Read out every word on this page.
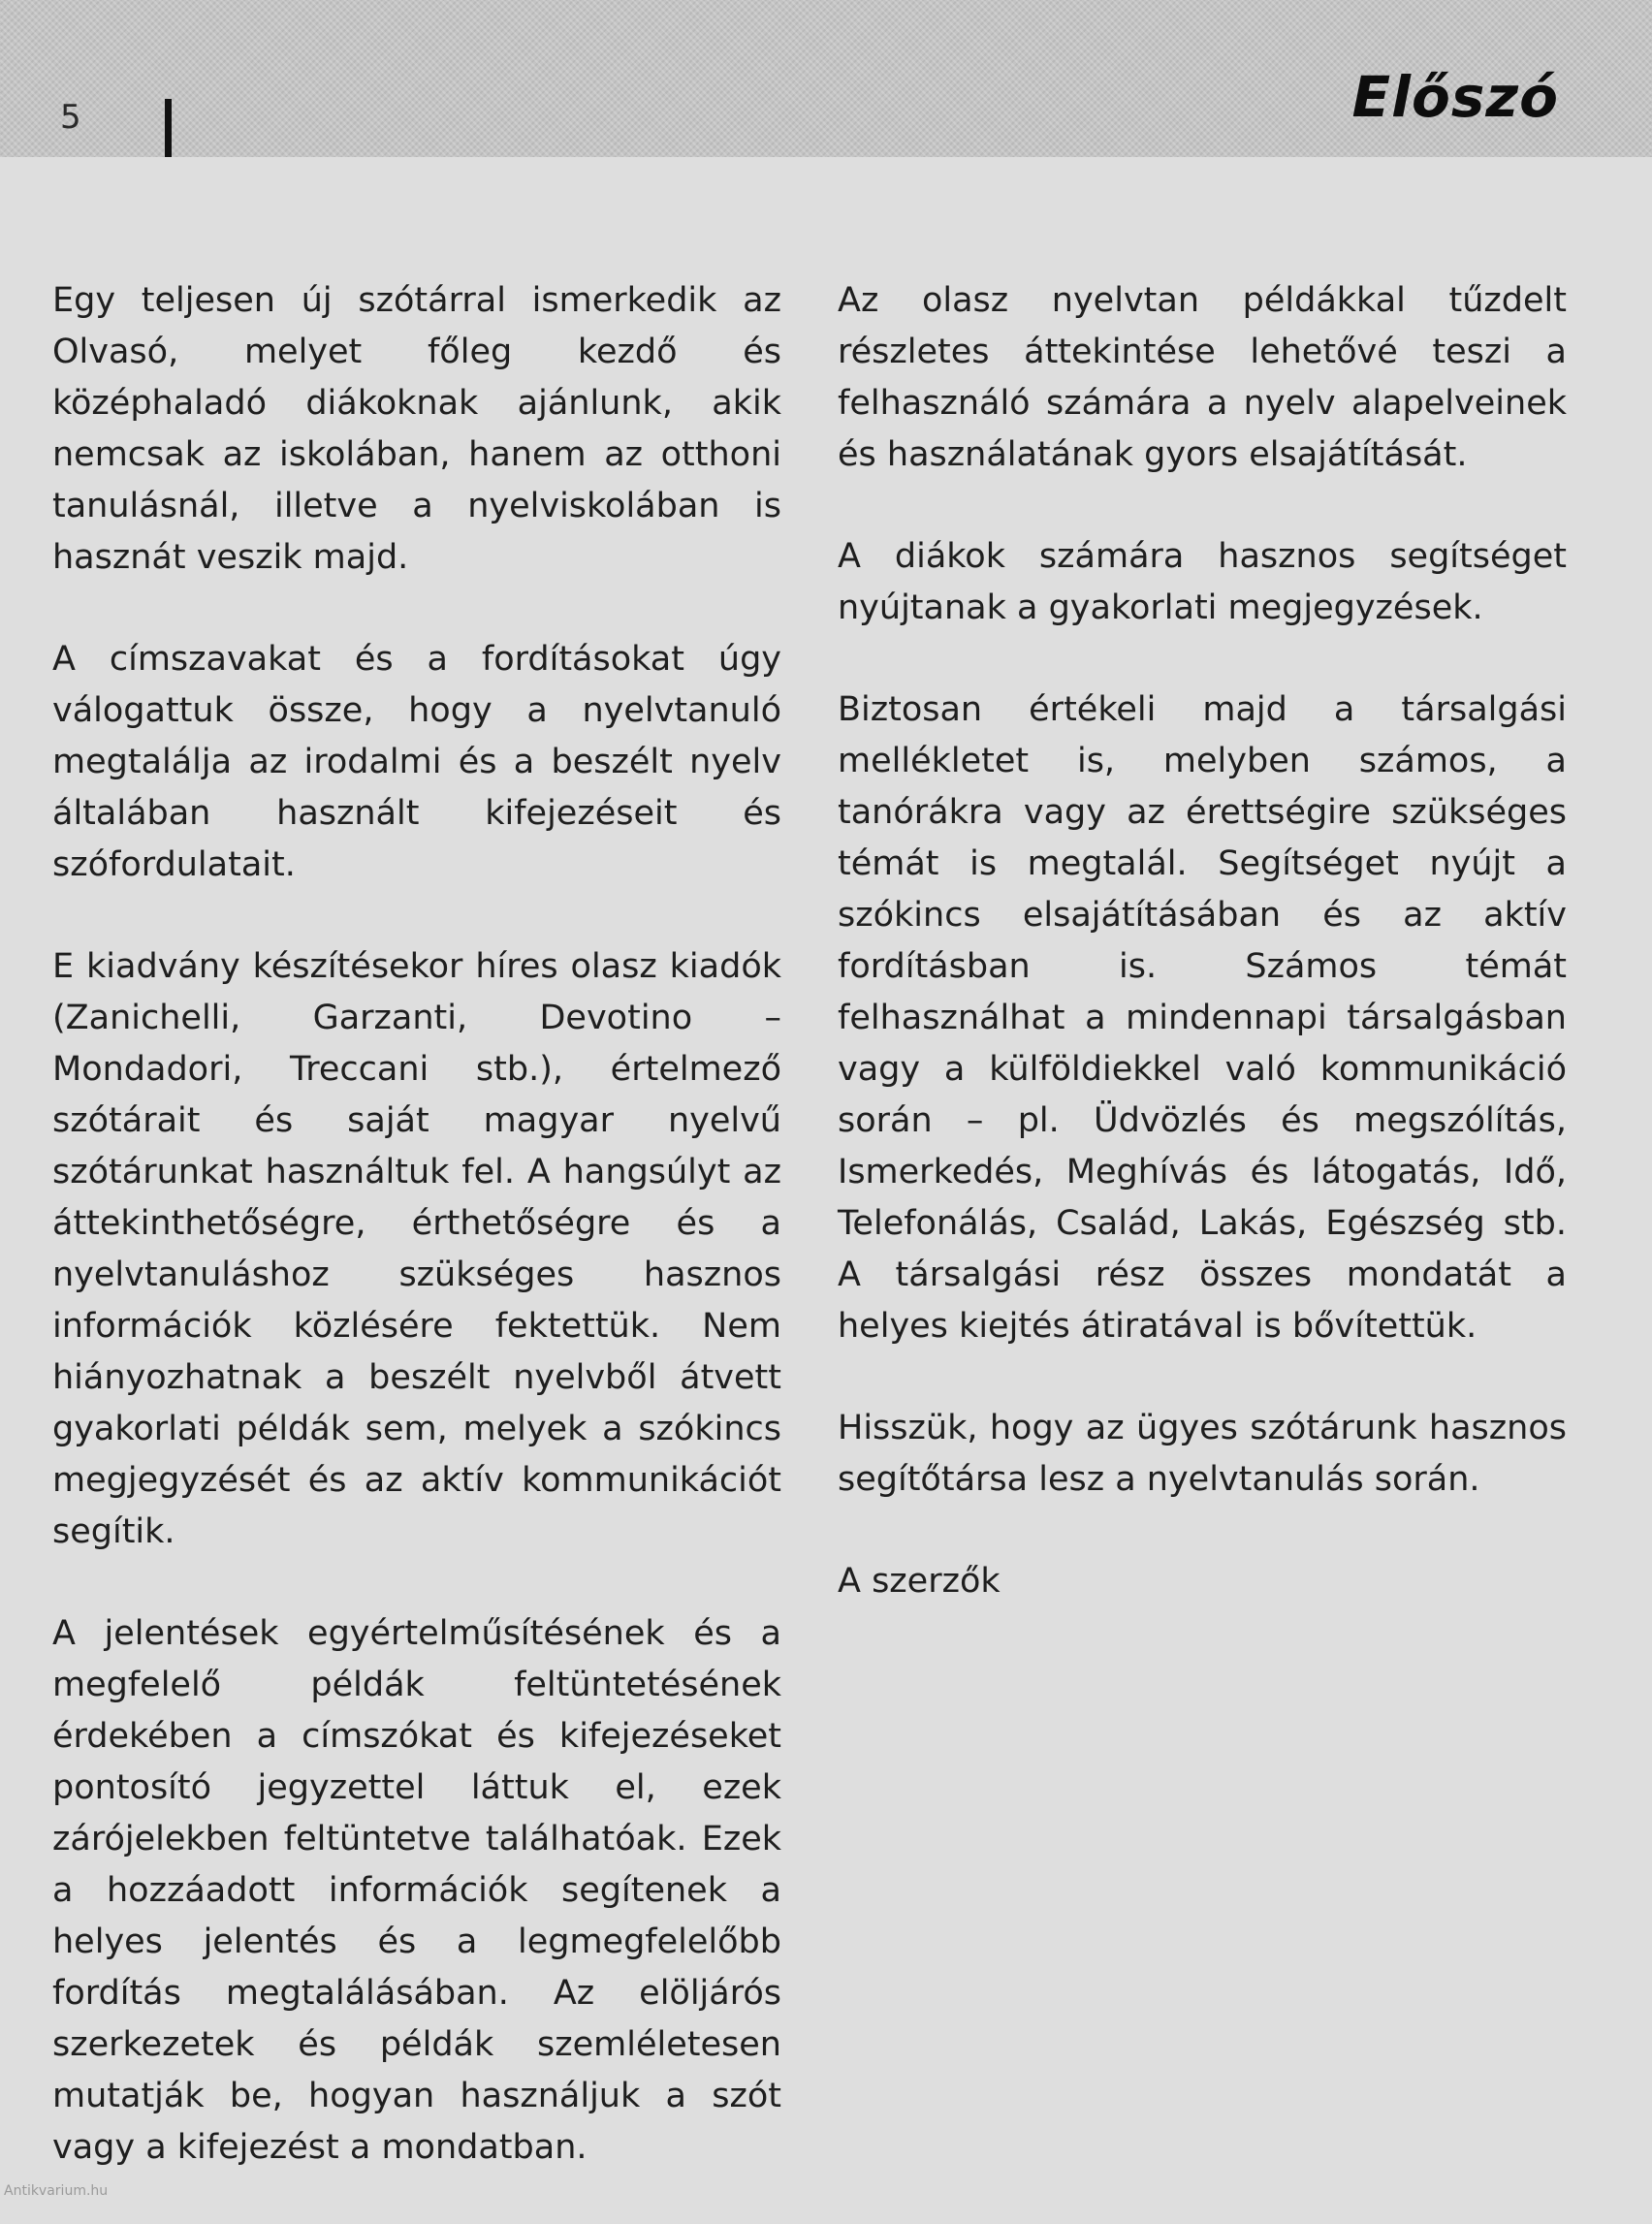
5	Előszó

Egy teljesen új szótárral ismerkedik az Olvasó, melyet főleg kezdő és középhaladó diákoknak ajánlunk, akik nemcsak az iskolában, hanem az otthoni tanulásnál, illetve a nyelviskolában is hasznát veszik majd.

A címszavakat és a fordításokat úgy válogattuk össze, hogy a nyelvtanuló megtalálja az irodalmi és a beszélt nyelv általában használt kifejezéseit és szófordulatait.

E kiadvány készítésekor híres olasz kiadók (Zanichelli, Garzanti, Devotino – Mondadori, Treccani stb.), értelmező szótárait és saját magyar nyelvű szótárunkat használtuk fel. A hangsúlyt az áttekinthetőségre, érthetőségre és a nyelvtanuláshoz szükséges hasznos információk közlésére fektettük. Nem hiányozhatnak a beszélt nyelvből átvett gyakorlati példák sem, melyek a szókincs megjegyzését és az aktív kommunikációt segítik.

A jelentések egyértelműsítésének és a megfelelő példák feltüntetésének érdekében a címszókat és kifejezéseket pontosító jegyzettel láttuk el, ezek zárójelekben feltüntetve találhatóak. Ezek a hozzáadott információk segítenek a helyes jelentés és a legmegfelelőbb fordítás megtalálásában. Az elöljárós szerkezetek és példák szemléletesen mutatják be, hogyan használjuk a szót vagy a kifejezést a mondatban.

Az olasz nyelvtan példákkal tűzdelt részletes áttekintése lehetővé teszi a felhasználó számára a nyelv alapelveinek és használatának gyors elsajátítását.

A diákok számára hasznos segítséget nyújtanak a gyakorlati megjegyzések.

Biztosan értékeli majd a társalgási mellékletet is, melyben számos, a tanórákra vagy az érettségire szükséges témát is megtalál. Segítséget nyújt a szókincs elsajátításában és az aktív fordításban is. Számos témát felhasználhat a mindennapi társalgásban vagy a külföldiekkel való kommunikáció során – pl. Üdvözlés és megszólítás, Ismerkedés, Meghívás és látogatás, Idő, Telefonálás, Család, Lakás, Egészség stb. A társalgási rész összes mondatát a helyes kiejtés átiratával is bővítettük.

Hisszük, hogy az ügyes szótárunk hasznos segítőtársa lesz a nyelvtanulás során.

A szerzők

Antikvarium.hu
